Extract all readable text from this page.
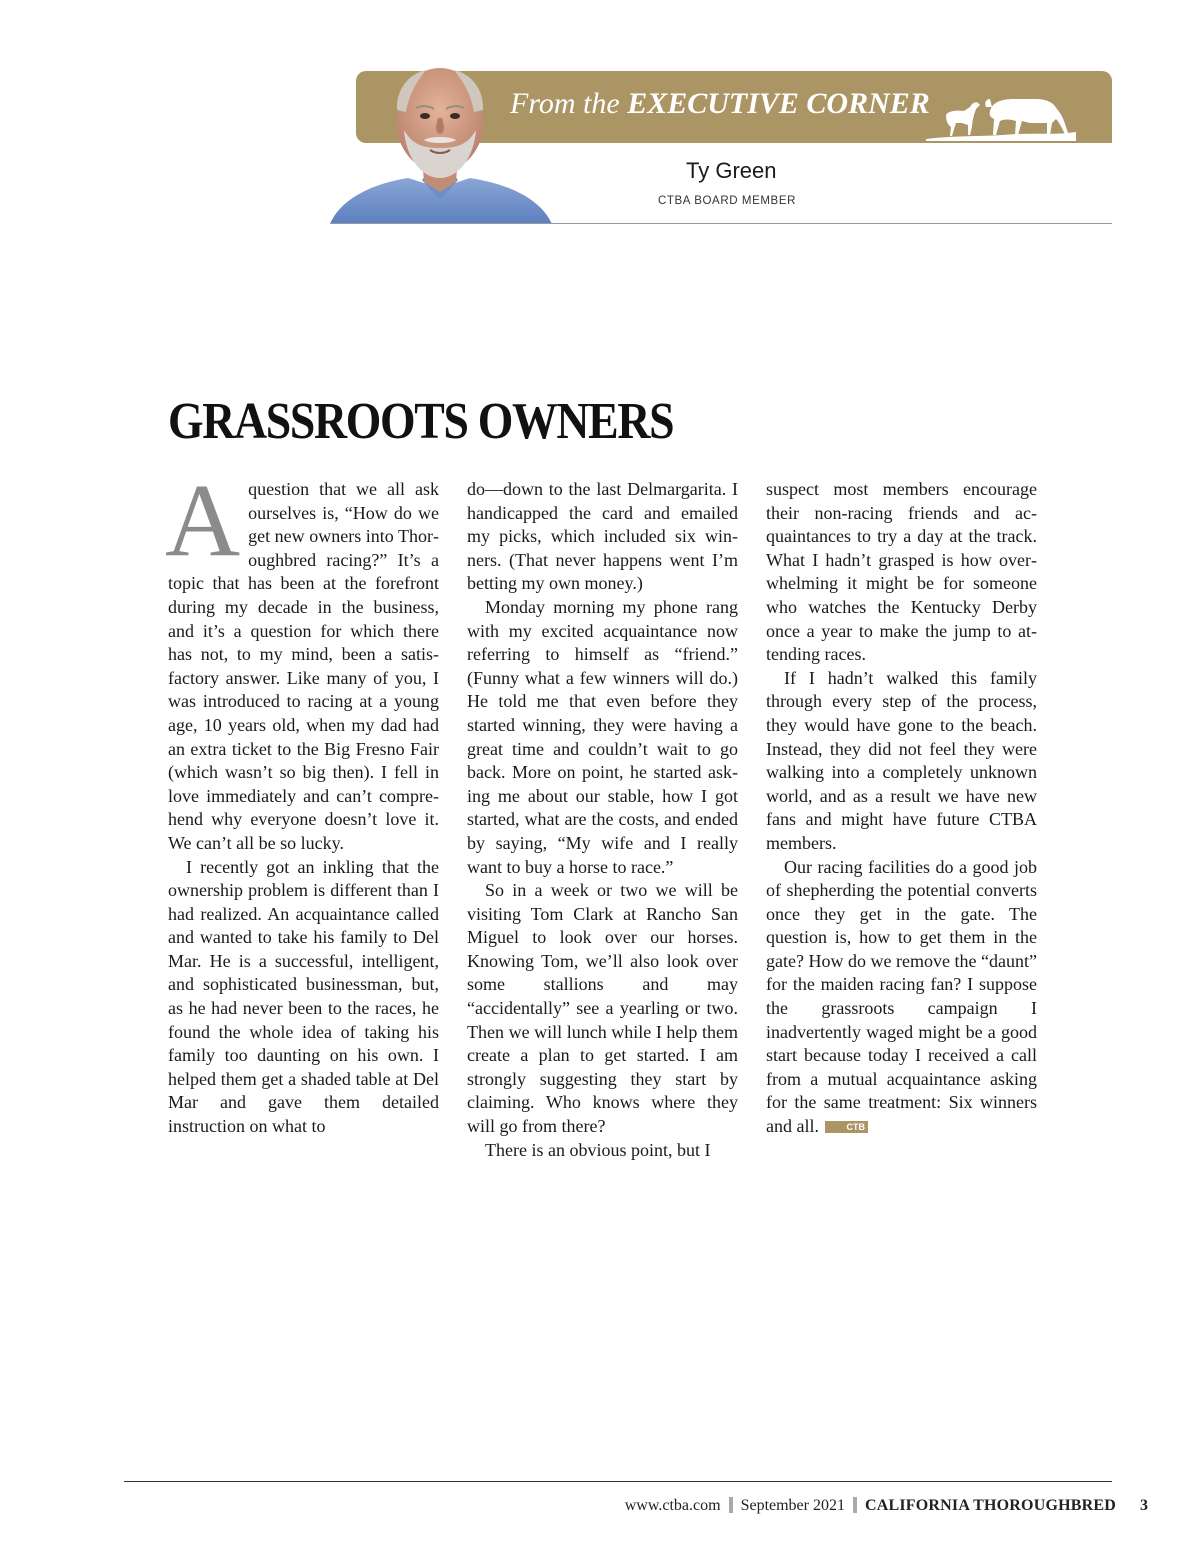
From the EXECUTIVE CORNER
Ty Green
CTBA BOARD MEMBER
GRASSROOTS OWNERS

Aquestion that we all ask ourselves is, “How do we get new owners into Thoroughbred racing?” It’s a topic that has been at the forefront during my decade in the business, and it’s a question for which there has not, to my mind, been a satisfactory answer. Like many of you, I was introduced to racing at a young age, 10 years old, when my dad had an extra ticket to the Big Fresno Fair (which wasn’t so big then). I fell in love immediately and can’t comprehend why everyone doesn’t love it. We can’t all be so lucky.

I recently got an inkling that the ownership problem is different than I had realized. An acquaintance called and wanted to take his family to Del Mar. He is a successful, intelligent, and sophisticated businessman, but, as he had never been to the races, he found the whole idea of taking his family too daunting on his own. I helped them get a shaded table at Del Mar and gave them detailed instruction on what to

do—down to the last Delmargarita. I handicapped the card and emailed my picks, which included six winners. (That never happens went I’m betting my own money.)

Monday morning my phone rang with my excited acquaintance now referring to himself as “friend.” (Funny what a few winners will do.) He told me that even before they started winning, they were having a great time and couldn’t wait to go back. More on point, he started asking me about our stable, how I got started, what are the costs, and ended by saying, “My wife and I really want to buy a horse to race.”

So in a week or two we will be visiting Tom Clark at Rancho San Miguel to look over our horses. Knowing Tom, we’ll also look over some stallions and may “accidentally” see a yearling or two. Then we will lunch while I help them create a plan to get started. I am strongly suggesting they start by claiming. Who knows where they will go from there?

There is an obvious point, but I

suspect most members encourage their non-racing friends and acquaintances to try a day at the track. What I hadn’t grasped is how overwhelming it might be for someone who watches the Kentucky Derby once a year to make the jump to attending races.

If I hadn’t walked this family through every step of the process, they would have gone to the beach. Instead, they did not feel they were walking into a completely unknown world, and as a result we have new fans and might have future CTBA members.

Our racing facilities do a good job of shepherding the potential converts once they get in the gate. The question is, how to get them in the gate? How do we remove the “daunt” for the maiden racing fan? I suppose the grassroots campaign I inadvertently waged might be a good start because today I received a call from a mutual acquaintance asking for the same treatment: Six winners and all.	CTB

www.ctba.com September 2021 CALIFORNIA THOROUGHBRED 3
